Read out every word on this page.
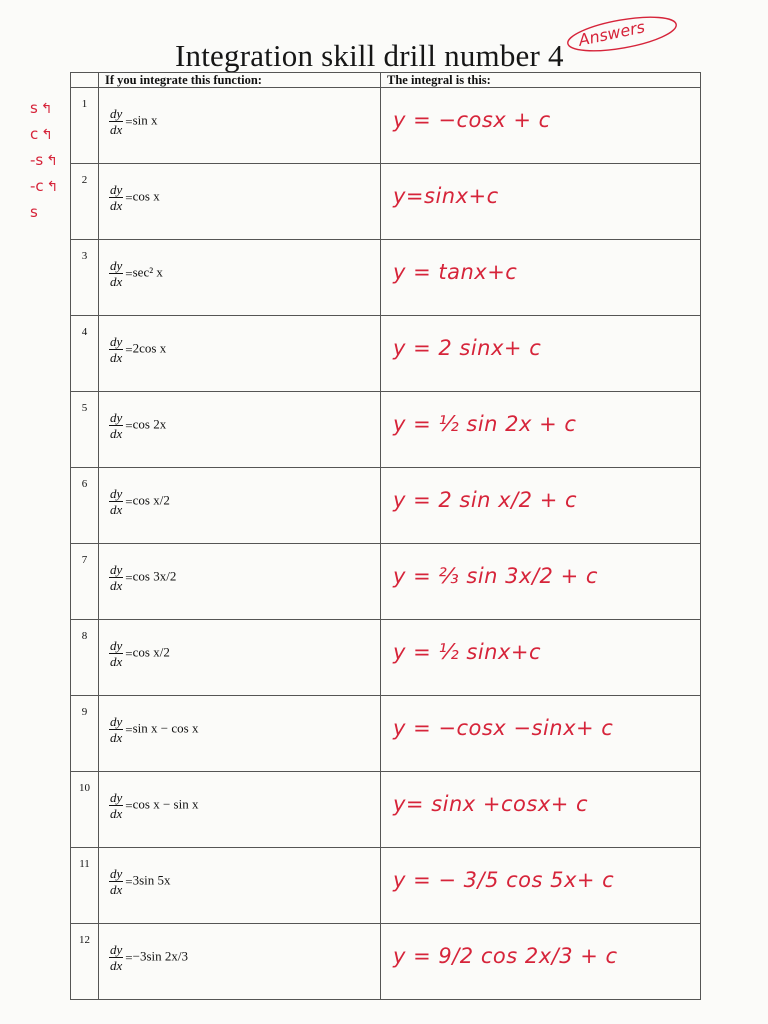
Integration skill drill number 4
Answers
s ↰
c ↰
-s ↰
-c ↰
s
	If you integrate this function:	The integral is this:
1	$\frac{dy}{dx} =\sin$ x	y = −cosx + c

2	$\frac{dy}{dx} =\cos$ x	y=sinx+c

3	$\frac{dy}{dx} =\sec^2$ x	y = tanx+c

4	$\frac{dy}{dx} =2\cos$ x	y = 2 sinx+ c

5	$\frac{dy}{dx} =\cos$ 2x	y = ½ sin 2x + c

6	$\frac{dy}{dx} =\cos$ x/2	y = 2 sin x/2 + c

7	$\frac{dy}{dx} =\cos$ 3x/2	y = ⅔ sin 3x/2 + c

8	$\frac{dy}{dx} =\cos$ x/2	y = ½ sinx+c

9	$\frac{dy}{dx} =\sin$ x − cos x	y = −cosx −sinx+ c

10	$\frac{dy}{dx} =\cos$ x − sin x	y= sinx +cosx+ c

11	$\frac{dy}{dx} =3\sin$ 5x	y = − 3/5 cos 5x+ c

12	$\frac{dy}{dx} =-3\sin$ 2x/3	y = 9/2 cos 2x/3 + c
